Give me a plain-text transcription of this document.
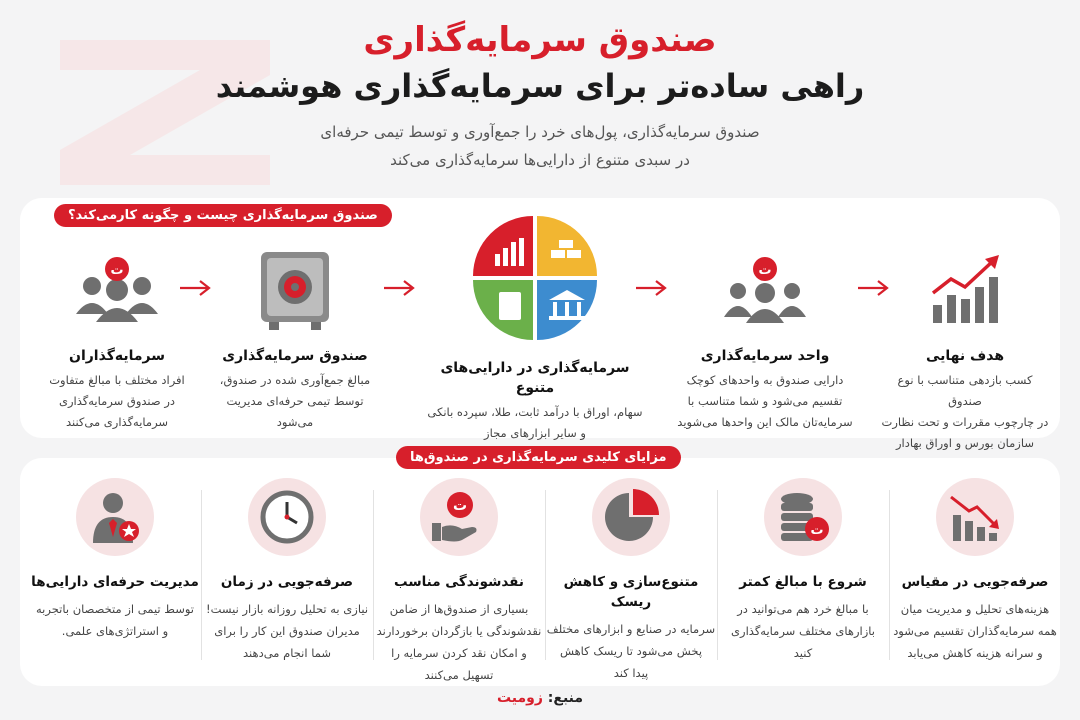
صندوق سرمایه‌گذاری
راهی ساده‌تر برای سرمایه‌گذاری هوشمند
صندوق سرمایه‌گذاری، پول‌های خرد را جمع‌آوری و توسط تیمی حرفه‌ای
در سبدی متنوع از دارایی‌ها سرمایه‌گذاری می‌کند
صندوق سرمایه‌گذاری چیست و چگونه کار‌می‌کند؟
ت
سرمایه‌گذاران

افراد مختلف با مبالغ متفاوت
در صندوق سرمایه‌گذاری
سرمایه‌گذاری می‌کنند

صندوق سرمایه‌گذاری

مبالغ جمع‌آوری شده در صندوق،
توسط تیمی حرفه‌ای مدیریت
می‌شود

سرمایه‌گذاری در دارایی‌های متنوع

سهام، اوراق با درآمد ثابت، طلا، سپرده بانکی
و سایر ابزارهای مجاز

ت
واحد سرمایه‌گذاری

دارایی صندوق به واحدهای کوچک
تقسیم می‌شود و شما متناسب با
سرمایه‌تان مالک این واحدها می‌شوید

هدف نهایی

کسب بازدهی متناسب با نوع صندوق
در چارچوب مقررات و تحت نظارت
سازمان بورس و اوراق بهادار

مزایای کلیدی سرمایه‌گذاری در صندوق‌ها
مدیریت حرفه‌ای دارایی‌ها

توسط تیمی از متخصصان باتجربه
و استراتژی‌های علمی.

صرفه‌جویی در زمان

نیازی به تحلیل روزانه بازار نیست!
مدیران صندوق این کار را برای
شما انجام می‌دهند

ت
نقدشوندگی مناسب

بسیاری از صندوق‌ها از ضامن
نقدشوندگی یا بازگردان برخوردارند
و امکان نقد کردن سرمایه را
تسهیل می‌کنند

متنوع‌سازی و کاهش ریسک

سرمایه در صنایع و ابزارهای مختلف
پخش می‌شود تا ریسک کاهش
پیدا کند

ت
شروع با مبالغ کمتر

با مبالغ خرد هم می‌توانید در
بازارهای مختلف سرمایه‌گذاری
کنید

صرفه‌جویی در مقیاس

هزینه‌های تحلیل و مدیریت میان
همه سرمایه‌گذاران تقسیم می‌شود
و سرانه هزینه کاهش می‌یابد

منبع: زومیت
